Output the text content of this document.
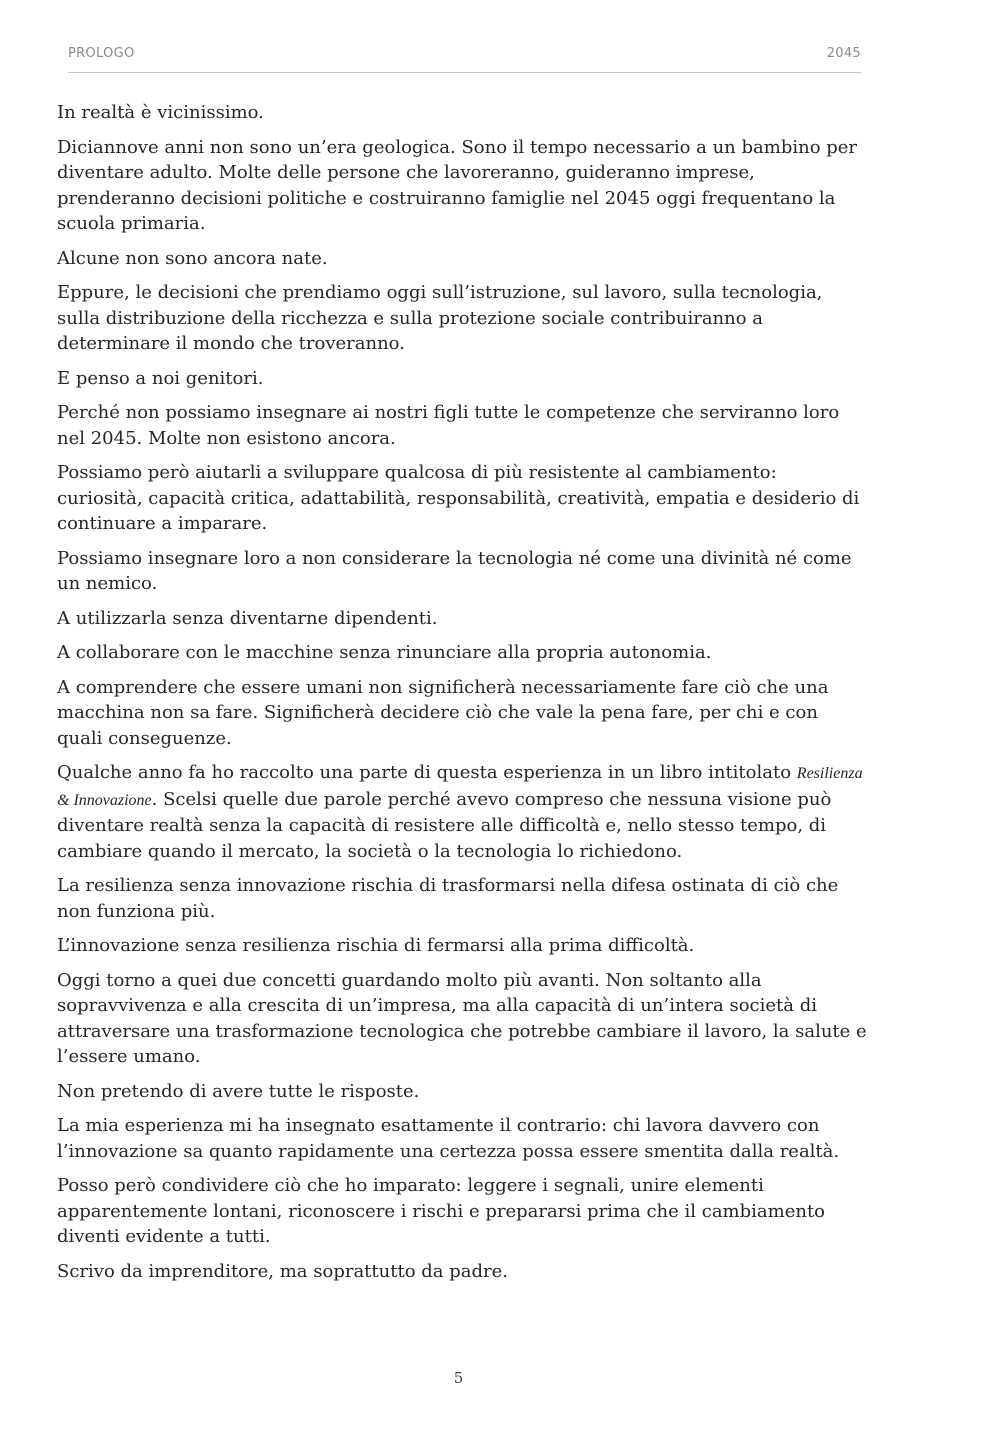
PROLOGO	2045

In realtà è vicinissimo.

Diciannove anni non sono un’era geologica. Sono il tempo necessario a un bambino per diventare adulto. Molte delle persone che lavoreranno, guideranno imprese, prenderanno decisioni politiche e costruiranno famiglie nel 2045 oggi frequentano la scuola primaria.

Alcune non sono ancora nate.

Eppure, le decisioni che prendiamo oggi sull’istruzione, sul lavoro, sulla tecnologia, sulla distribuzione della ricchezza e sulla protezione sociale contribuiranno a determinare il mondo che troveranno.

E penso a noi genitori.

Perché non possiamo insegnare ai nostri figli tutte le competenze che serviranno loro nel 2045. Molte non esistono ancora.

Possiamo però aiutarli a sviluppare qualcosa di più resistente al cambiamento: curiosità, capacità critica, adattabilità, responsabilità, creatività, empatia e desiderio di continuare a imparare.

Possiamo insegnare loro a non considerare la tecnologia né come una divinità né come un nemico.

A utilizzarla senza diventarne dipendenti.

A collaborare con le macchine senza rinunciare alla propria autonomia.

A comprendere che essere umani non significherà necessariamente fare ciò che una macchina non sa fare. Significherà decidere ciò che vale la pena fare, per chi e con quali conseguenze.

Qualche anno fa ho raccolto una parte di questa esperienza in un libro intitolato Resilienza & Innovazione. Scelsi quelle due parole perché avevo compreso che nessuna visione può diventare realtà senza la capacità di resistere alle difficoltà e, nello stesso tempo, di cambiare quando il mercato, la società o la tecnologia lo richiedono.

La resilienza senza innovazione rischia di trasformarsi nella difesa ostinata di ciò che non funziona più.

L’innovazione senza resilienza rischia di fermarsi alla prima difficoltà.

Oggi torno a quei due concetti guardando molto più avanti. Non soltanto alla sopravvivenza e alla crescita di un’impresa, ma alla capacità di un’intera società di attraversare una trasformazione tecnologica che potrebbe cambiare il lavoro, la salute e l’essere umano.

Non pretendo di avere tutte le risposte.

La mia esperienza mi ha insegnato esattamente il contrario: chi lavora davvero con l’innovazione sa quanto rapidamente una certezza possa essere smentita dalla realtà.

Posso però condividere ciò che ho imparato: leggere i segnali, unire elementi apparentemente lontani, riconoscere i rischi e prepararsi prima che il cambiamento diventi evidente a tutti.

Scrivo da imprenditore, ma soprattutto da padre.

5
